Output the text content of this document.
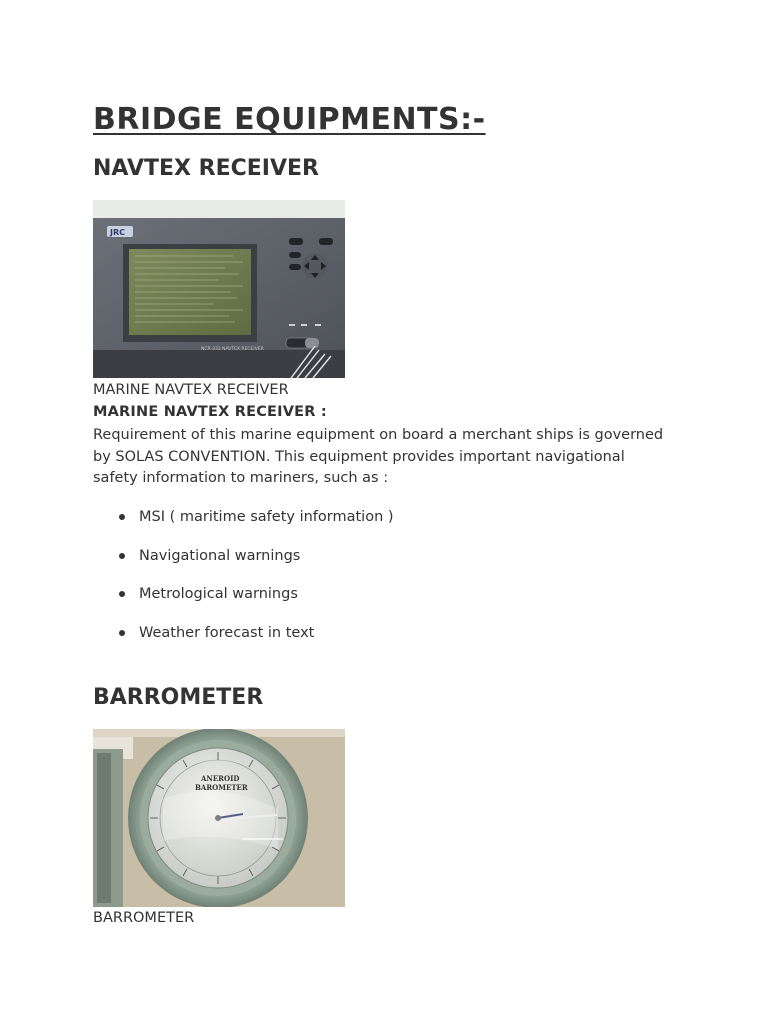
BRIDGE EQUIPMENTS:-
NAVTEX RECEIVER
JRC
NCR-333 NAVTEX RECEIVER
MARINE NAVTEX RECEIVER
MARINE NAVTEX RECEIVER :
Requirement of this marine equipment on board a merchant ships is governed by SOLAS CONVENTION. This equipment provides important navigational safety information to mariners, such as :
MSI ( maritime safety information )
Navigational warnings
Metrological warnings
Weather forecast in text
BARROMETER
ANEROID
BAROMETER
BARROMETER
